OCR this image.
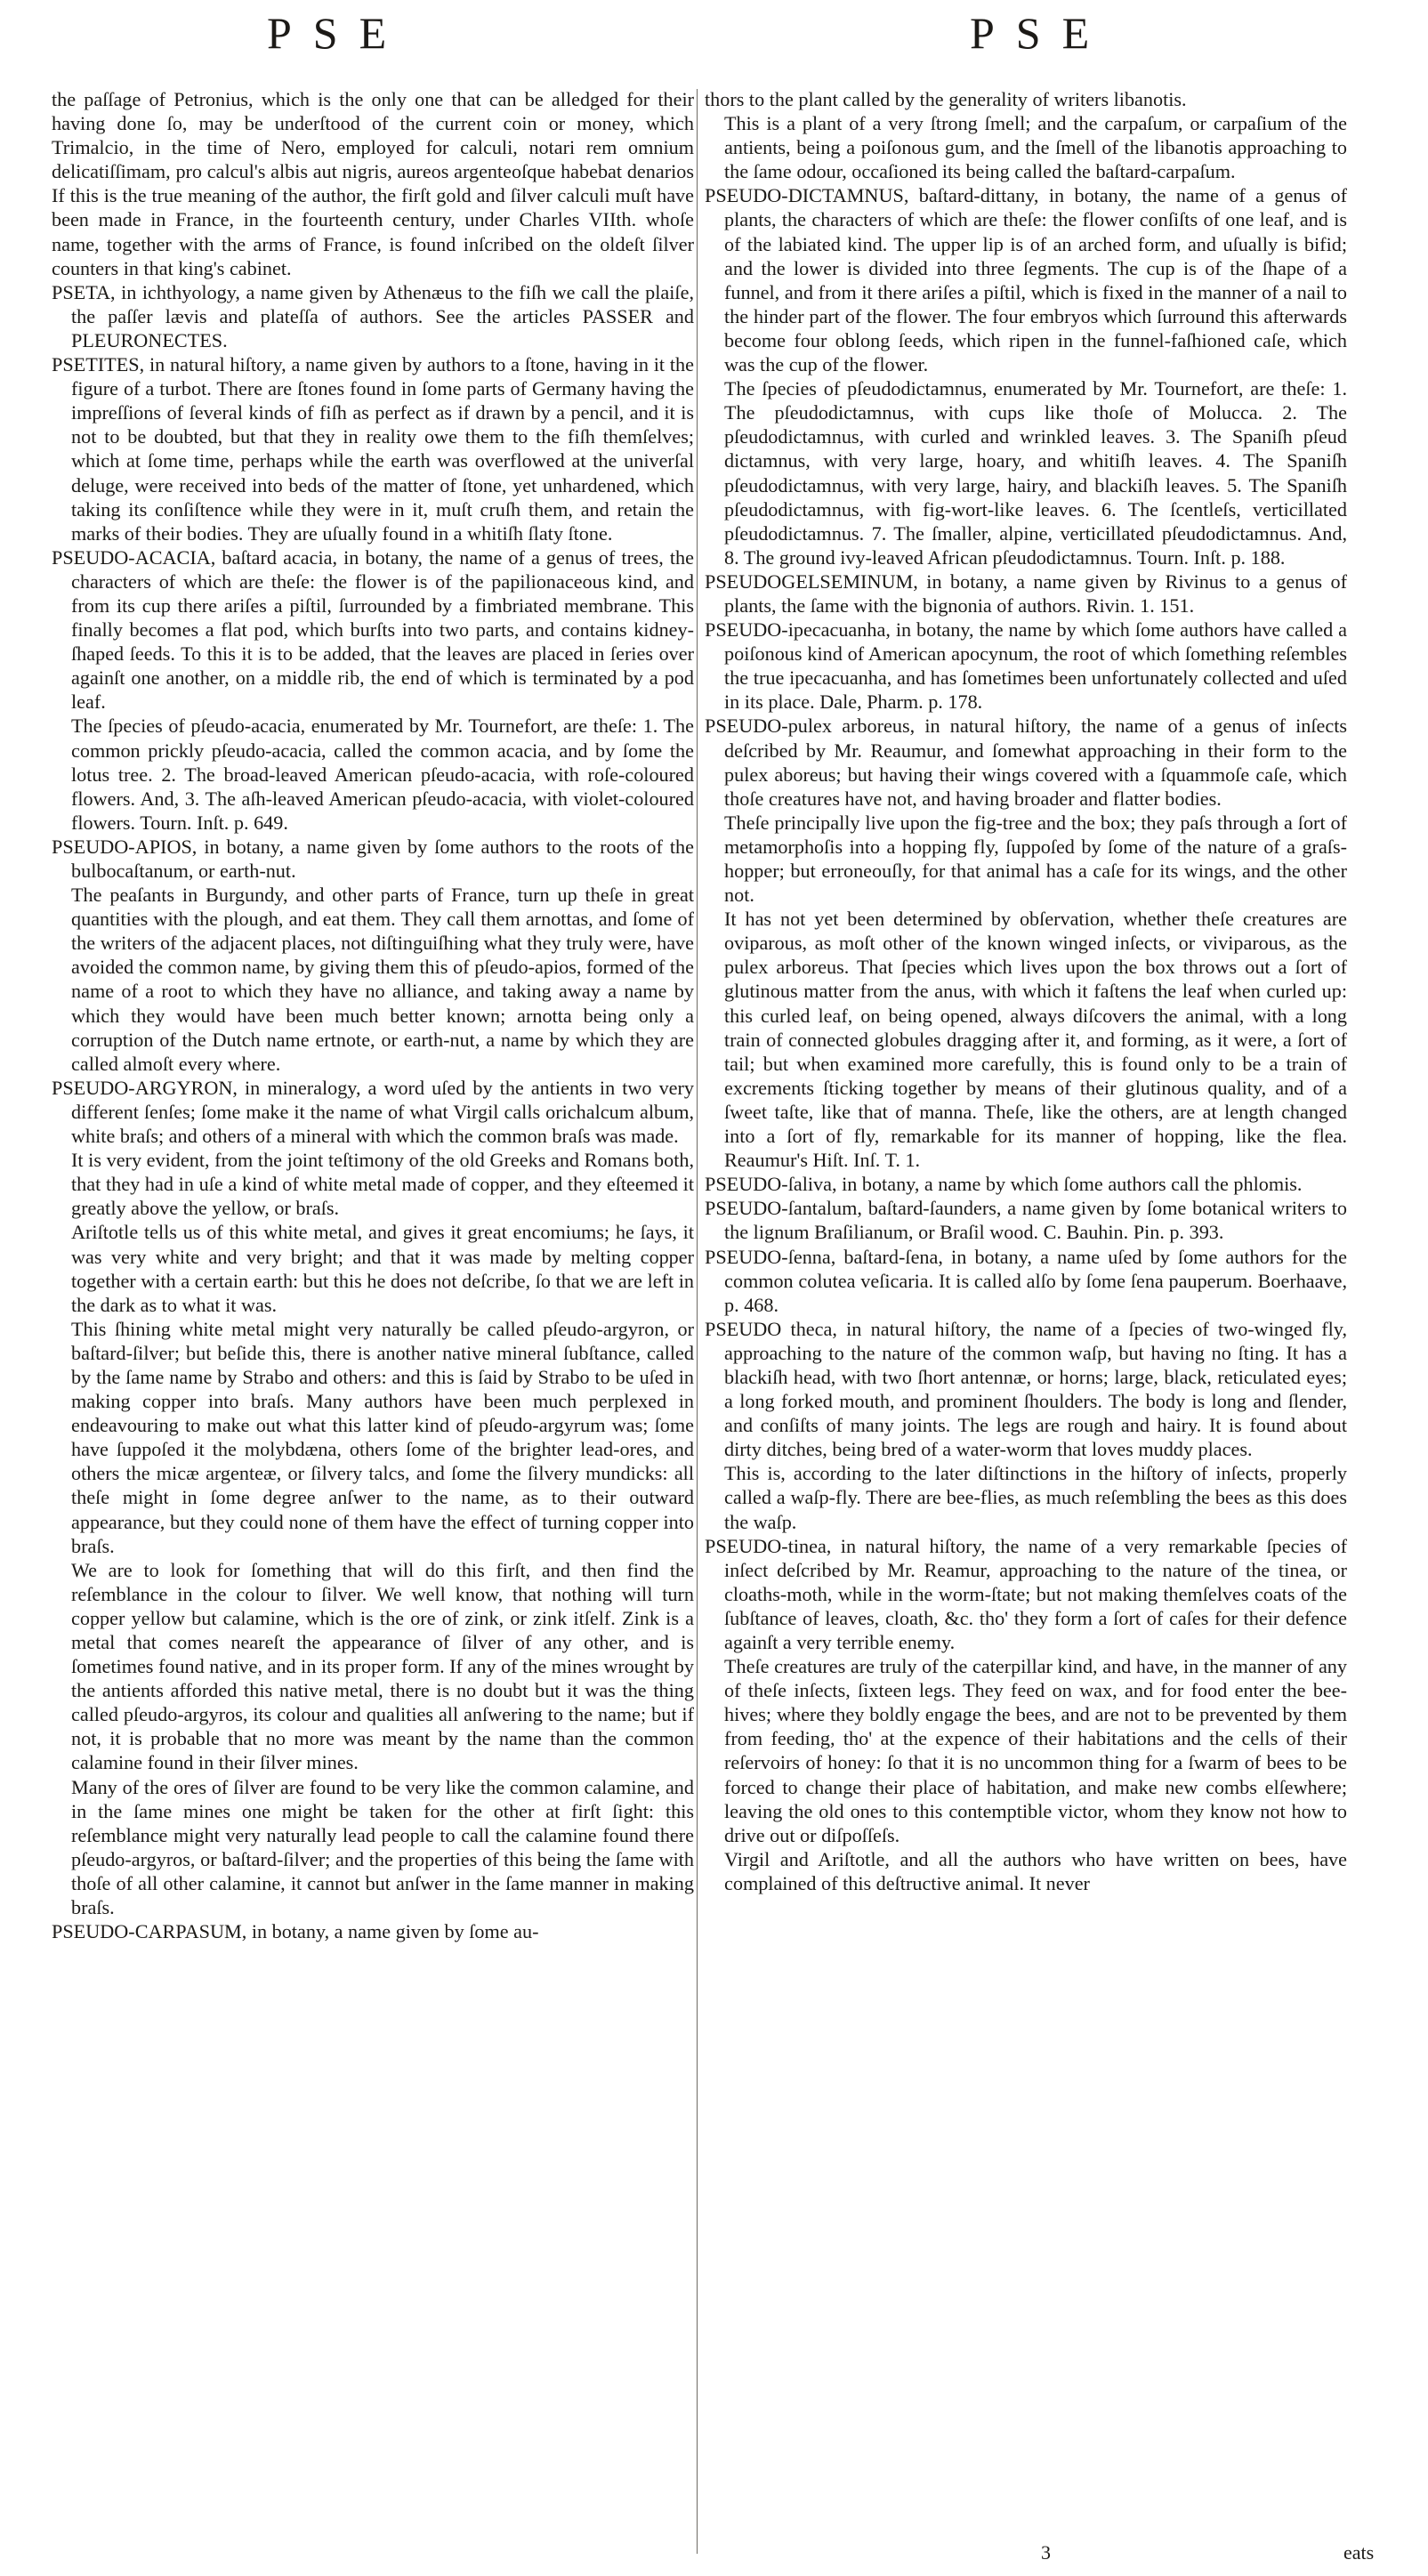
PSE	PSE

the paſſage of Petronius, which is the only one that can be alledged for their having done ſo, may be underſtood of the current coin or money, which Trimalcio, in the time of Nero, employed for calculi, notari rem omnium delicatiſſimam, pro calcul's albis aut nigris, aureos argenteoſque habebat denarios If this is the true meaning of the author, the firſt gold and ſilver calculi muſt have been made in France, in the fourteenth century, under Charles VIIth. whoſe name, together with the arms of France, is found inſcribed on the oldeſt ſilver counters in that king's cabinet.

PSETA, in ichthyology, a name given by Athenæus to the fiſh we call the plaiſe, the paſſer lævis and plateſſa of authors. See the articles PASSER and PLEURONECTES.

PSETITES, in natural hiſtory, a name given by authors to a ſtone, having in it the figure of a turbot. There are ſtones found in ſome parts of Germany having the impreſſions of ſeveral kinds of fiſh as perfect as if drawn by a pencil, and it is not to be doubted, but that they in reality owe them to the fiſh themſelves; which at ſome time, perhaps while the earth was overflowed at the univerſal deluge, were received into beds of the matter of ſtone, yet unhardened, which taking its conſiſtence while they were in it, muſt cruſh them, and retain the marks of their bodies. They are uſually found in a whitiſh ſlaty ſtone.

PSEUDO-ACACIA, baſtard acacia, in botany, the name of a genus of trees, the characters of which are theſe: the flower is of the papilionaceous kind, and from its cup there ariſes a piſtil, ſurrounded by a fimbriated membrane. This finally becomes a flat pod, which burſts into two parts, and contains kidney-ſhaped ſeeds. To this it is to be added, that the leaves are placed in ſeries over againſt one another, on a middle rib, the end of which is terminated by a pod leaf.

The ſpecies of pſeudo-acacia, enumerated by Mr. Tournefort, are theſe: 1. The common prickly pſeudo-acacia, called the common acacia, and by ſome the lotus tree. 2. The broad-leaved American pſeudo-acacia, with roſe-coloured flowers. And, 3. The aſh-leaved American pſeudo-acacia, with violet-coloured flowers. Tourn. Inſt. p. 649.

PSEUDO-APIOS, in botany, a name given by ſome authors to the roots of the bulbocaſtanum, or earth-nut.

The peaſants in Burgundy, and other parts of France, turn up theſe in great quantities with the plough, and eat them. They call them arnottas, and ſome of the writers of the adjacent places, not diſtinguiſhing what they truly were, have avoided the common name, by giving them this of pſeudo-apios, formed of the name of a root to which they have no alliance, and taking away a name by which they would have been much better known; arnotta being only a corruption of the Dutch name ertnote, or earth-nut, a name by which they are called almoſt every where.

PSEUDO-ARGYRON, in mineralogy, a word uſed by the antients in two very different ſenſes; ſome make it the name of what Virgil calls orichalcum album, white braſs; and others of a mineral with which the common braſs was made.

It is very evident, from the joint teſtimony of the old Greeks and Romans both, that they had in uſe a kind of white metal made of copper, and they eſteemed it greatly above the yellow, or braſs.

Ariſtotle tells us of this white metal, and gives it great encomiums; he ſays, it was very white and very bright; and that it was made by melting copper together with a certain earth: but this he does not deſcribe, ſo that we are left in the dark as to what it was.

This ſhining white metal might very naturally be called pſeudo-argyron, or baſtard-ſilver; but beſide this, there is another native mineral ſubſtance, called by the ſame name by Strabo and others: and this is ſaid by Strabo to be uſed in making copper into braſs. Many authors have been much perplexed in endeavouring to make out what this latter kind of pſeudo-argyrum was; ſome have ſuppoſed it the molybdæna, others ſome of the brighter lead-ores, and others the micæ argenteæ, or ſilvery talcs, and ſome the ſilvery mundicks: all theſe might in ſome degree anſwer to the name, as to their outward appearance, but they could none of them have the effect of turning copper into braſs.

We are to look for ſomething that will do this firſt, and then find the reſemblance in the colour to ſilver. We well know, that nothing will turn copper yellow but calamine, which is the ore of zink, or zink itſelf. Zink is a metal that comes neareſt the appearance of ſilver of any other, and is ſometimes found native, and in its proper form. If any of the mines wrought by the antients afforded this native metal, there is no doubt but it was the thing called pſeudo-argyros, its colour and qualities all anſwering to the name; but if not, it is probable that no more was meant by the name than the common calamine found in their ſilver mines.

Many of the ores of ſilver are found to be very like the common calamine, and in the ſame mines one might be taken for the other at firſt ſight: this reſemblance might very naturally lead people to call the calamine found there pſeudo-argyros, or baſtard-ſilver; and the properties of this being the ſame with thoſe of all other calamine, it cannot but anſwer in the ſame manner in making braſs.

PSEUDO-CARPASUM, in botany, a name given by ſome au-

thors to the plant called by the generality of writers libanotis.

This is a plant of a very ſtrong ſmell; and the carpaſum, or carpaſium of the antients, being a poiſonous gum, and the ſmell of the libanotis approaching to the ſame odour, occaſioned its being called the baſtard-carpaſum.

PSEUDO-DICTAMNUS, baſtard-dittany, in botany, the name of a genus of plants, the characters of which are theſe: the flower conſiſts of one leaf, and is of the labiated kind. The upper lip is of an arched form, and uſually is bifid; and the lower is divided into three ſegments. The cup is of the ſhape of a funnel, and from it there ariſes a piſtil, which is fixed in the manner of a nail to the hinder part of the flower. The four embryos which ſurround this afterwards become four oblong ſeeds, which ripen in the funnel-faſhioned caſe, which was the cup of the flower.

The ſpecies of pſeudodictamnus, enumerated by Mr. Tournefort, are theſe: 1. The pſeudodictamnus, with cups like thoſe of Molucca. 2. The pſeudodictamnus, with curled and wrinkled leaves. 3. The Spaniſh pſeud dictamnus, with very large, hoary, and whitiſh leaves. 4. The Spaniſh pſeudodictamnus, with very large, hairy, and blackiſh leaves. 5. The Spaniſh pſeudodictamnus, with fig-wort-like leaves. 6. The ſcentleſs, verticillated pſeudodictamnus. 7. The ſmaller, alpine, verticillated pſeudodictamnus. And, 8. The ground ivy-leaved African pſeudodictamnus. Tourn. Inſt. p. 188.

PSEUDOGELSEMINUM, in botany, a name given by Rivinus to a genus of plants, the ſame with the bignonia of authors. Rivin. 1. 151.

PSEUDO-ipecacuanha, in botany, the name by which ſome authors have called a poiſonous kind of American apocynum, the root of which ſomething reſembles the true ipecacuanha, and has ſometimes been unfortunately collected and uſed in its place. Dale, Pharm. p. 178.

PSEUDO-pulex arboreus, in natural hiſtory, the name of a genus of inſects deſcribed by Mr. Reaumur, and ſomewhat approaching in their form to the pulex aboreus; but having their wings covered with a ſquammoſe caſe, which thoſe creatures have not, and having broader and flatter bodies.

Theſe principally live upon the fig-tree and the box; they paſs through a ſort of metamorphoſis into a hopping fly, ſuppoſed by ſome of the nature of a graſs-hopper; but erroneouſly, for that animal has a caſe for its wings, and the other not.

It has not yet been determined by obſervation, whether theſe creatures are oviparous, as moſt other of the known winged inſects, or viviparous, as the pulex arboreus. That ſpecies which lives upon the box throws out a ſort of glutinous matter from the anus, with which it faſtens the leaf when curled up: this curled leaf, on being opened, always diſcovers the animal, with a long train of connected globules dragging after it, and forming, as it were, a ſort of tail; but when examined more carefully, this is found only to be a train of excrements ſticking together by means of their glutinous quality, and of a ſweet taſte, like that of manna. Theſe, like the others, are at length changed into a ſort of fly, remarkable for its manner of hopping, like the flea. Reaumur's Hiſt. Inſ. T. 1.

PSEUDO-ſaliva, in botany, a name by which ſome authors call the phlomis.

PSEUDO-ſantalum, baſtard-ſaunders, a name given by ſome botanical writers to the lignum Braſilianum, or Braſil wood. C. Bauhin. Pin. p. 393.

PSEUDO-ſenna, baſtard-ſena, in botany, a name uſed by ſome authors for the common colutea veſicaria. It is called alſo by ſome ſena pauperum. Boerhaave, p. 468.

PSEUDO theca, in natural hiſtory, the name of a ſpecies of two-winged fly, approaching to the nature of the common waſp, but having no ſting. It has a blackiſh head, with two ſhort antennæ, or horns; large, black, reticulated eyes; a long forked mouth, and prominent ſhoulders. The body is long and ſlender, and conſiſts of many joints. The legs are rough and hairy. It is found about dirty ditches, being bred of a water-worm that loves muddy places.

This is, according to the later diſtinctions in the hiſtory of inſects, properly called a waſp-fly. There are bee-flies, as much reſembling the bees as this does the waſp.

PSEUDO-tinea, in natural hiſtory, the name of a very remarkable ſpecies of inſect deſcribed by Mr. Reamur, approaching to the nature of the tinea, or cloaths-moth, while in the worm-ſtate; but not making themſelves coats of the ſubſtance of leaves, cloath, &c. tho' they form a ſort of caſes for their defence againſt a very terrible enemy.

Theſe creatures are truly of the caterpillar kind, and have, in the manner of any of theſe inſects, ſixteen legs. They feed on wax, and for food enter the bee-hives; where they boldly engage the bees, and are not to be prevented by them from feeding, tho' at the expence of their habitations and the cells of their reſervoirs of honey: ſo that it is no uncommon thing for a ſwarm of bees to be forced to change their place of habitation, and make new combs elſewhere; leaving the old ones to this contemptible victor, whom they know not how to drive out or diſpoſſeſs.

Virgil and Ariſtotle, and all the authors who have written on bees, have complained of this deſtructive animal. It never

3	eats
